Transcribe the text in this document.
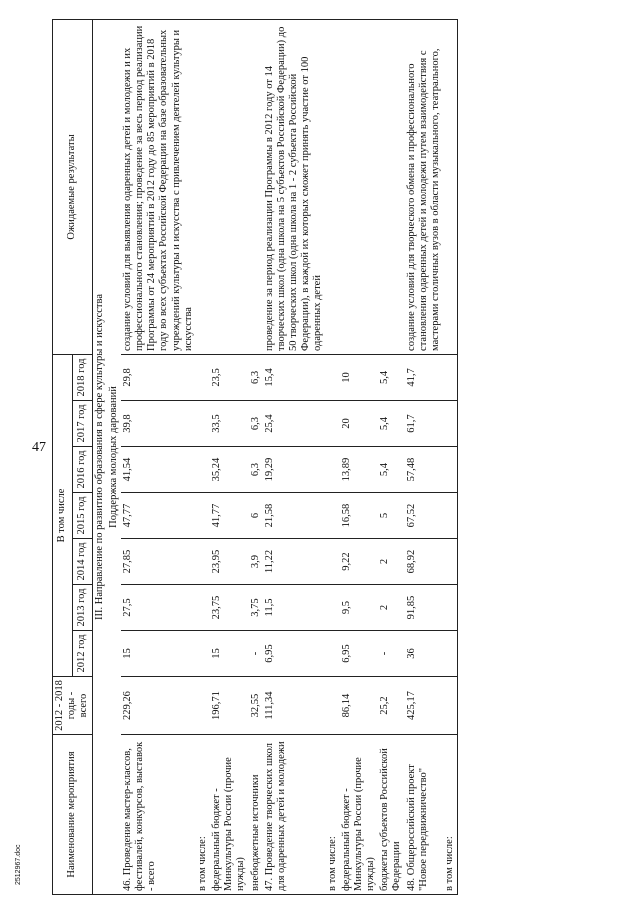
47
Наименование мероприятия	2012 - 2018 годы - всего	В том числе							Ожидаемые результаты
		2012 год	2013 год	2014 год	2015 год	2016 год	2017 год	2018 год	
III. Направление по развитию образования в сфере культуры и искусства									
Поддержка молодых дарований									
46. Проведение мастер-классов, фестивалей, конкурсов, выставок - всего	229,26	15	27,5	27,85	47,77	41,54	39,8	29,8	создание условий для выявления одаренных детей и молодежи и их профессионального становления; проведение за весь период реализации Программы от 24 мероприятий в 2012 году до 85 мероприятий в 2018 году во всех субъектах Российской Федерации на базе образовательных учреждений культуры и искусства с привлечением деятелей культуры и искусства
в том числе:									
федеральный бюджет - Минкультуры России (прочие нужды)	196,71	15	23,75	23,95	41,77	35,24	33,5	23,5	
внебюджетные источники	32,55	-	3,75	3,9	6	6,3	6,3	6,3	
47. Проведение творческих школ для одаренных детей и молодежи	111,34	6,95	11,5	11,22	21,58	19,29	25,4	15,4	проведение за период реализации Программы в 2012 году от 14 творческих школ (одна школа на 5 субъектов Российской Федерации) до 50 творческих школ (одна школа на 1 - 2 субъекта Российской Федерации), в каждой их которых сможет принять участие от 100 одаренных детей
в том числе:									
федеральный бюджет - Минкультуры России (прочие нужды)	86,14	6,95	9,5	9,22	16,58	13,89	20	10	
бюджеты субъектов Российской Федерации	25,2	-	2	2	5	5,4	5,4	5,4	
48. Общероссийский проект "Новое передвижничество"	425,17	36	91,85	68,92	67,52	57,48	61,7	41,7	создание условий для творческого обмена и профессионального становления одаренных детей и молодежи путем взаимодействия с мастерами столичных вузов в области музыкального, театрального,
в том числе:									
2512967.doc
